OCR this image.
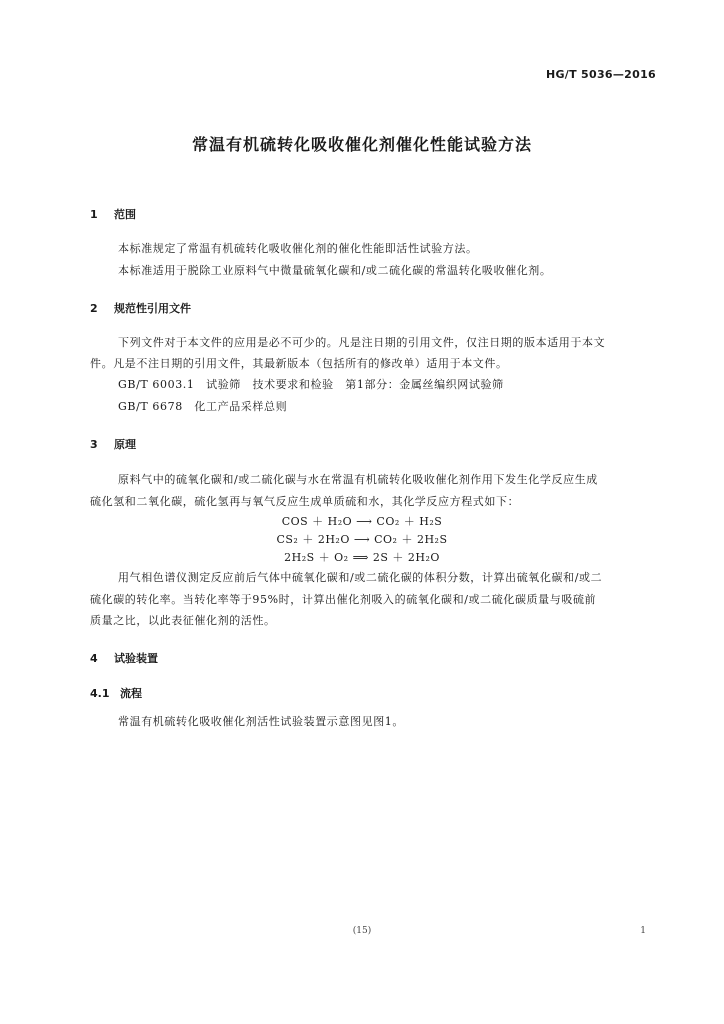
HG/T 5036—2016
常温有机硫转化吸收催化剂催化性能试验方法
1 范围
本标准规定了常温有机硫转化吸收催化剂的催化性能即活性试验方法。
本标准适用于脱除工业原料气中微量硫氧化碳和/或二硫化碳的常温转化吸收催化剂。
2 规范性引用文件
下列文件对于本文件的应用是必不可少的。凡是注日期的引用文件，仅注日期的版本适用于本文
件。凡是不注日期的引用文件，其最新版本（包括所有的修改单）适用于本文件。
GB/T 6003.1　试验筛　技术要求和检验　第1部分：金属丝编织网试验筛
GB/T 6678　化工产品采样总则
3 原理
原料气中的硫氧化碳和/或二硫化碳与水在常温有机硫转化吸收催化剂作用下发生化学反应生成
硫化氢和二氧化碳，硫化氢再与氧气反应生成单质硫和水，其化学反应方程式如下：
COS ＋ H₂O ⟶ CO₂ ＋ H₂S
CS₂ ＋ 2H₂O ⟶ CO₂ ＋ 2H₂S
2H₂S ＋ O₂ ⟹ 2S ＋ 2H₂O
用气相色谱仪测定反应前后气体中硫氧化碳和/或二硫化碳的体积分数，计算出硫氧化碳和/或二
硫化碳的转化率。当转化率等于95%时，计算出催化剂吸入的硫氧化碳和/或二硫化碳质量与吸硫前
质量之比，以此表征催化剂的活性。
4 试验装置
4.1 流程
常温有机硫转化吸收催化剂活性试验装置示意图见图1。
(15)	1
